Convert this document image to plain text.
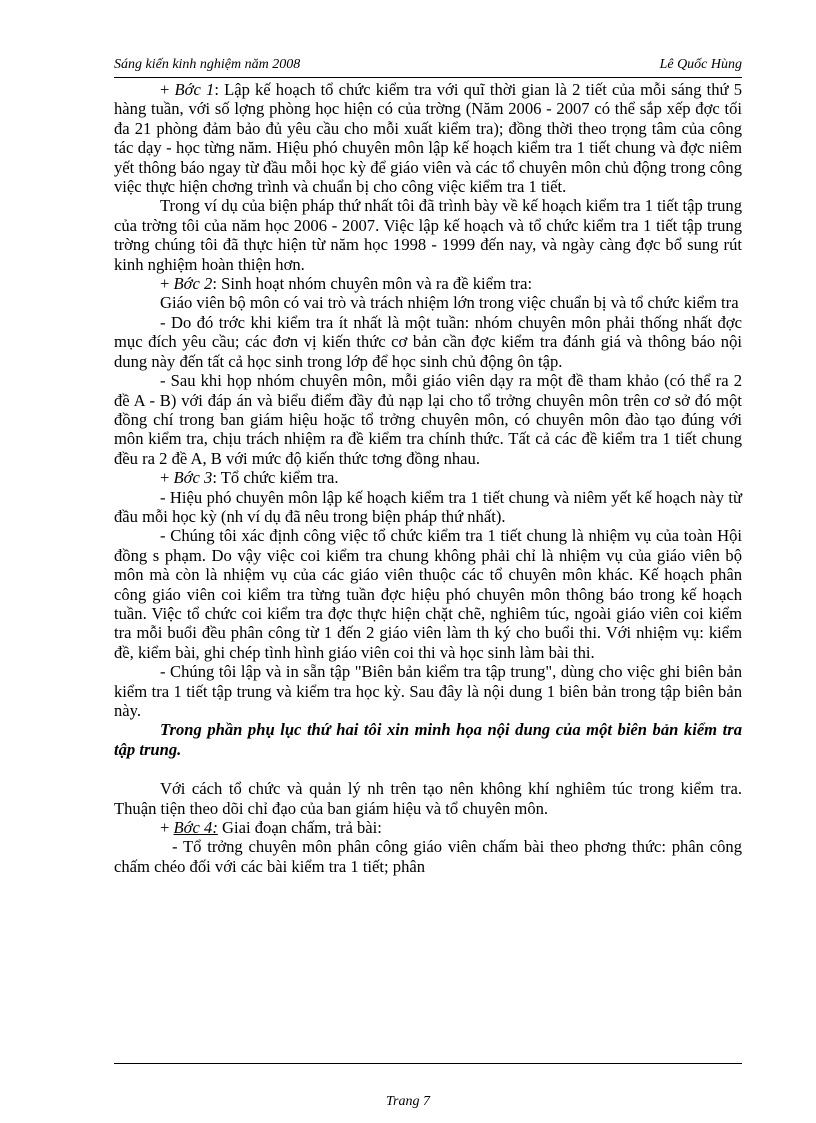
Sáng kiến kinh nghiệm năm 2008	Lê Quốc Hùng

+ Bớc 1: Lập kế hoạch tổ chức kiểm tra với quĩ thời gian là 2 tiết của mỗi sáng thứ 5 hàng tuần, với số lợng phòng học hiện có của trờng (Năm 2006 - 2007 có thể sắp xếp đợc tối đa 21 phòng đảm bảo đủ yêu cầu cho mỗi xuất kiểm tra); đồng thời theo trọng tâm của công tác dạy - học từng năm. Hiệu phó chuyên môn lập kế hoạch kiểm tra 1 tiết chung và đợc niêm yết thông báo ngay từ đầu mỗi học kỳ để giáo viên và các tổ chuyên môn chủ động trong công việc thực hiện chơng trình và chuẩn bị cho công việc kiểm tra 1 tiết.

Trong ví dụ của biện pháp thứ nhất tôi đã trình bày về kế hoạch kiểm tra 1 tiết tập trung của trờng tôi của năm học 2006 - 2007. Việc lập kế hoạch và tổ chức kiểm tra 1 tiết tập trung trờng chúng tôi đã thực hiện từ năm học 1998 - 1999 đến nay, và ngày càng đợc bổ sung rút kinh nghiệm hoàn thiện hơn.

+ Bớc 2: Sinh hoạt nhóm chuyên môn và ra đề kiểm tra:

Giáo viên bộ môn có vai trò và trách nhiệm lớn trong việc chuẩn bị và tổ chức kiểm tra

- Do đó trớc khi kiểm tra ít nhất là một tuần: nhóm chuyên môn phải thống nhất đợc mục đích yêu cầu; các đơn vị kiến thức cơ bản cần đợc kiểm tra đánh giá và thông báo nội dung này đến tất cả học sinh trong lớp để học sinh chủ động ôn tập.

- Sau khi họp nhóm chuyên môn, mỗi giáo viên dạy ra một đề tham khảo (có thể ra 2 đề A - B) với đáp án và biểu điểm đầy đủ nạp lại cho tổ trởng chuyên môn trên cơ sở đó một đồng chí trong ban giám hiệu hoặc tổ trởng chuyên môn, có chuyên môn đào tạo đúng với môn kiểm tra, chịu trách nhiệm ra đề kiểm tra chính thức. Tất cả các đề kiểm tra 1 tiết chung đều ra 2 đề A, B với mức độ kiến thức tơng đồng nhau.

+ Bớc 3: Tổ chức kiểm tra.

- Hiệu phó chuyên môn lập kế hoạch kiểm tra 1 tiết chung và niêm yết kế hoạch này từ đầu mỗi học kỳ (nh ví dụ đã nêu trong biện pháp thứ nhất).

- Chúng tôi xác định công việc tổ chức kiểm tra 1 tiết chung là nhiệm vụ của toàn Hội đồng s phạm. Do vậy việc coi kiểm tra chung không phải chỉ là nhiệm vụ của giáo viên bộ môn mà còn là nhiệm vụ của các giáo viên thuộc các tổ chuyên môn khác. Kế hoạch phân công giáo viên coi kiểm tra từng tuần đợc hiệu phó chuyên môn thông báo trong kế hoạch tuần. Việc tổ chức coi kiểm tra đợc thực hiện chặt chẽ, nghiêm túc, ngoài giáo viên coi kiểm tra mỗi buổi đều phân công từ 1 đến 2 giáo viên làm th ký cho buổi thi. Với nhiệm vụ: kiểm đề, kiểm bài, ghi chép tình hình giáo viên coi thi và học sinh làm bài thi.

- Chúng tôi lập và in sẵn tập "Biên bản kiểm tra tập trung", dùng cho việc ghi biên bản kiểm tra 1 tiết tập trung và kiểm tra học kỳ. Sau đây là nội dung 1 biên bản trong tập biên bản này.

Trong phần phụ lục thứ hai tôi xin minh họa nội dung của một biên bản kiểm tra tập trung.

Với cách tổ chức và quản lý nh trên tạo nên không khí nghiêm túc trong kiểm tra. Thuận tiện theo dõi chỉ đạo của ban giám hiệu và tổ chuyên môn.

+ Bớc 4: Giai đoạn chấm, trả bài:

- Tổ trởng chuyên môn phân công giáo viên chấm bài theo phơng thức: phân công chấm chéo đối với các bài kiểm tra 1 tiết; phân

Trang 7
